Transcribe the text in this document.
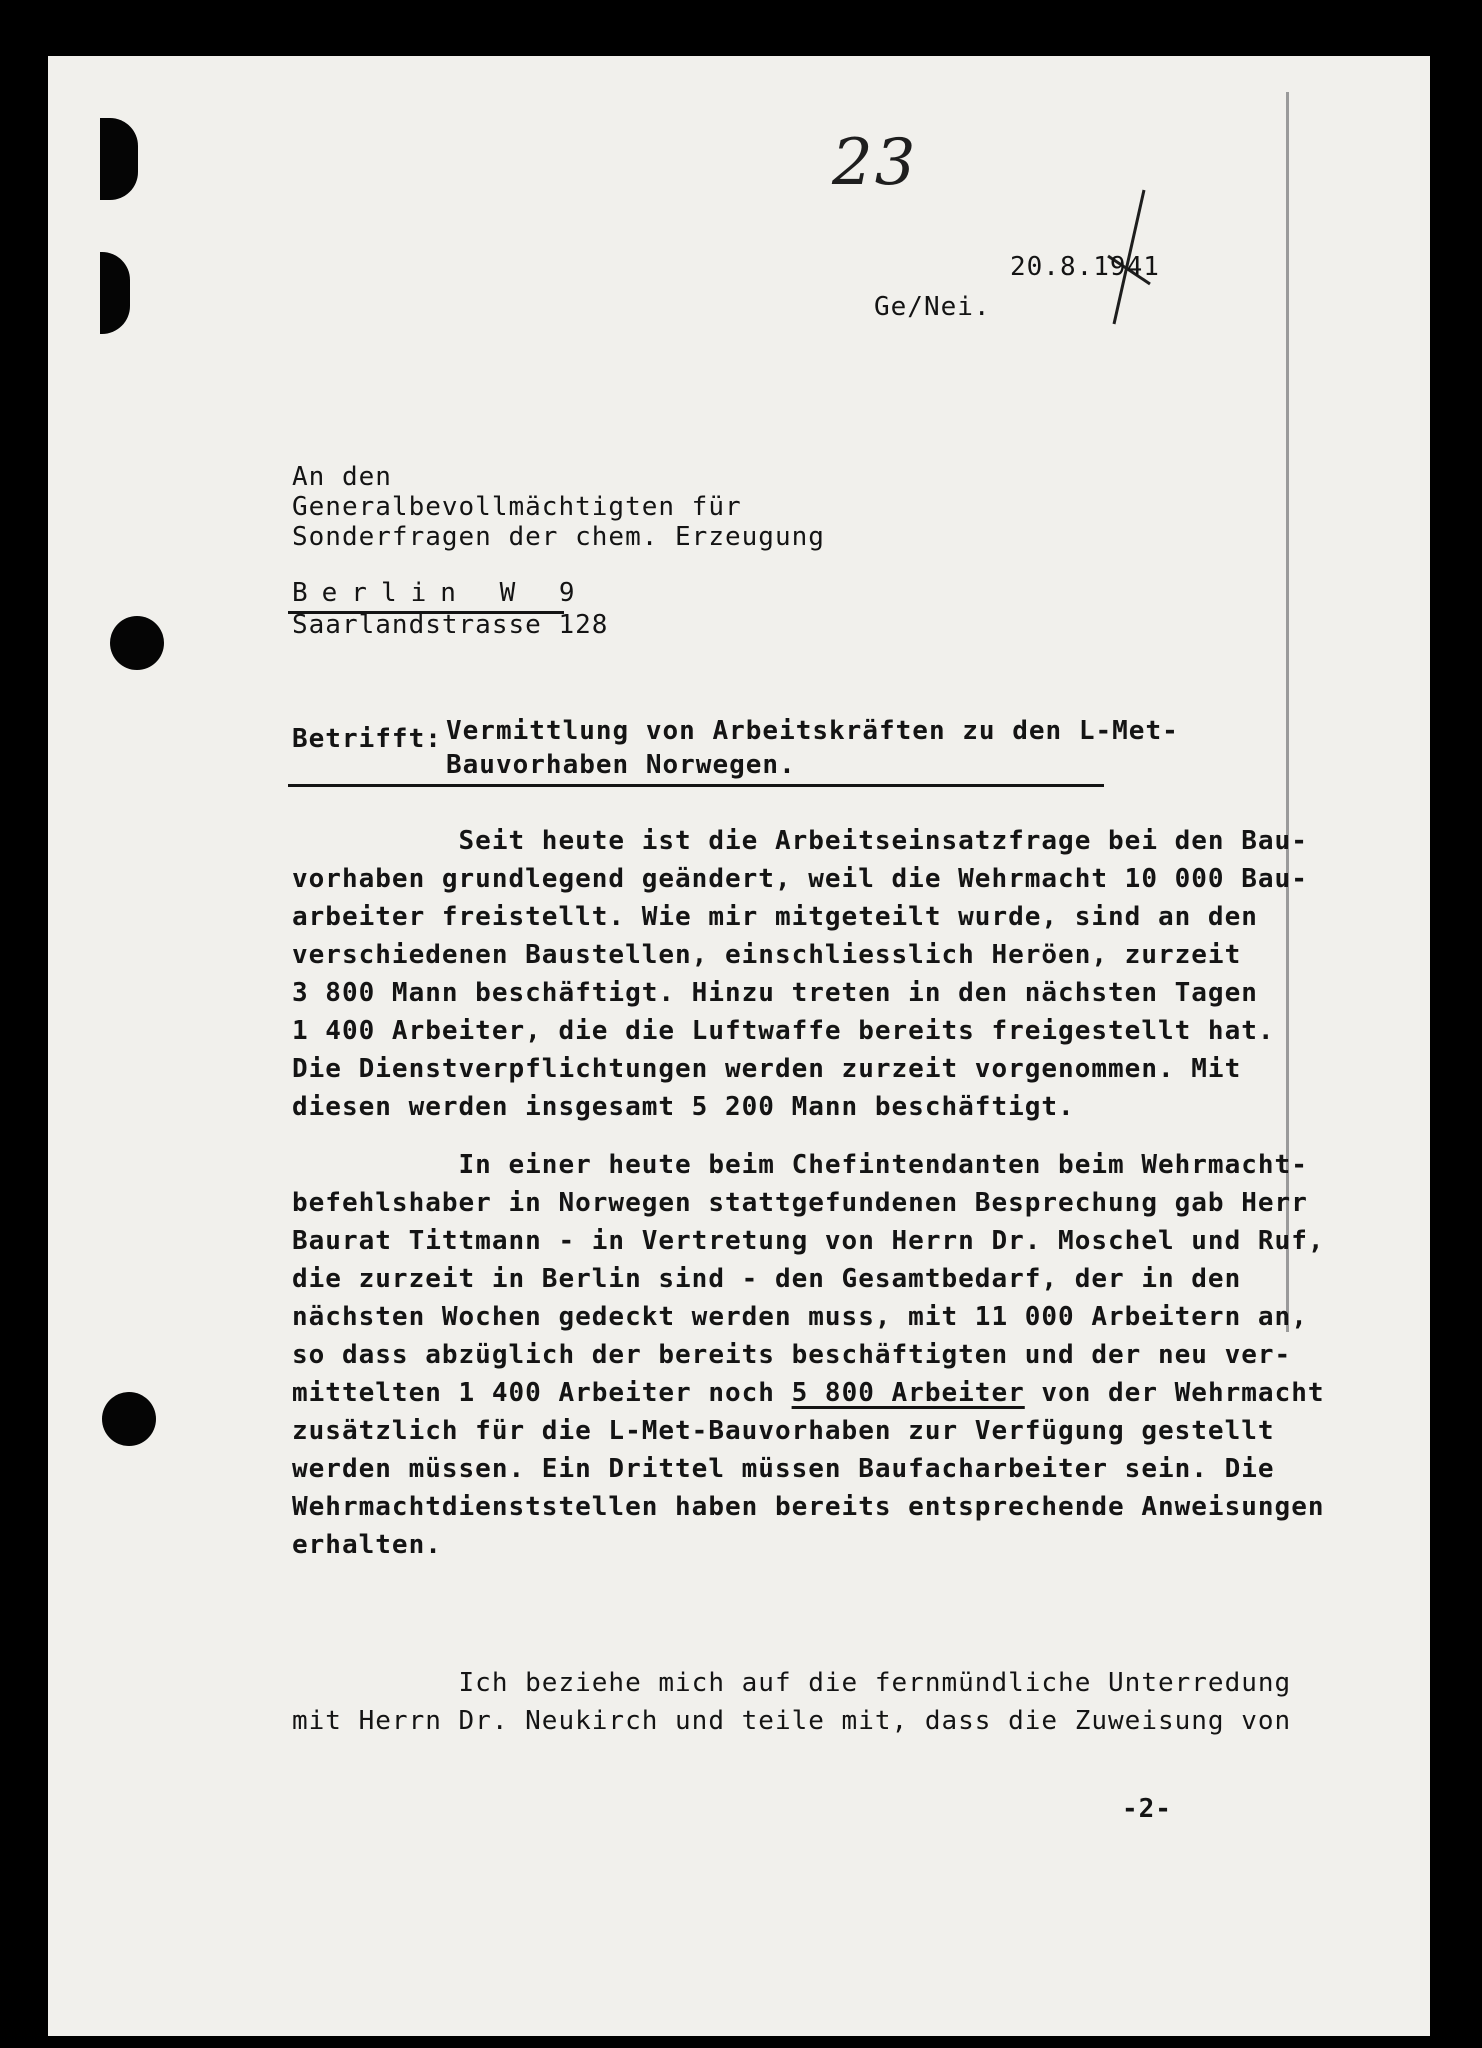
23
20.8.1941
Ge/Nei.
An den
Generalbevollmächtigten für
Sonderfragen der chem. Erzeugung
Berlin W 9
Saarlandstrasse 128
Betrifft: Vermittlung von Arbeitskräften zu den L-Met-
Bauvorhaben Norwegen.
Seit heute ist die Arbeitseinsatzfrage bei den Bau-
vorhaben grundlegend geändert, weil die Wehrmacht 10 000 Bau-
arbeiter freistellt. Wie mir mitgeteilt wurde, sind an den
verschiedenen Baustellen, einschliesslich Heröen, zurzeit
3 800 Mann beschäftigt. Hinzu treten in den nächsten Tagen
1 400 Arbeiter, die die Luftwaffe bereits freigestellt hat.
Die Dienstverpflichtungen werden zurzeit vorgenommen. Mit
diesen werden insgesamt 5 200 Mann beschäftigt.
In einer heute beim Chefintendanten beim Wehrmacht-
befehlshaber in Norwegen stattgefundenen Besprechung gab Herr
Baurat Tittmann - in Vertretung von Herrn Dr. Moschel und Ruf,
die zurzeit in Berlin sind - den Gesamtbedarf, der in den
nächsten Wochen gedeckt werden muss, mit 11 000 Arbeitern an,
so dass abzüglich der bereits beschäftigten und der neu ver-
mittelten 1 400 Arbeiter noch 5 800 Arbeiter von der Wehrmacht
zusätzlich für die L-Met-Bauvorhaben zur Verfügung gestellt
werden müssen. Ein Drittel müssen Baufacharbeiter sein. Die
Wehrmachtdienststellen haben bereits entsprechende Anweisungen
erhalten.
Ich beziehe mich auf die fernmündliche Unterredung
mit Herrn Dr. Neukirch und teile mit, dass die Zuweisung von
-2-
